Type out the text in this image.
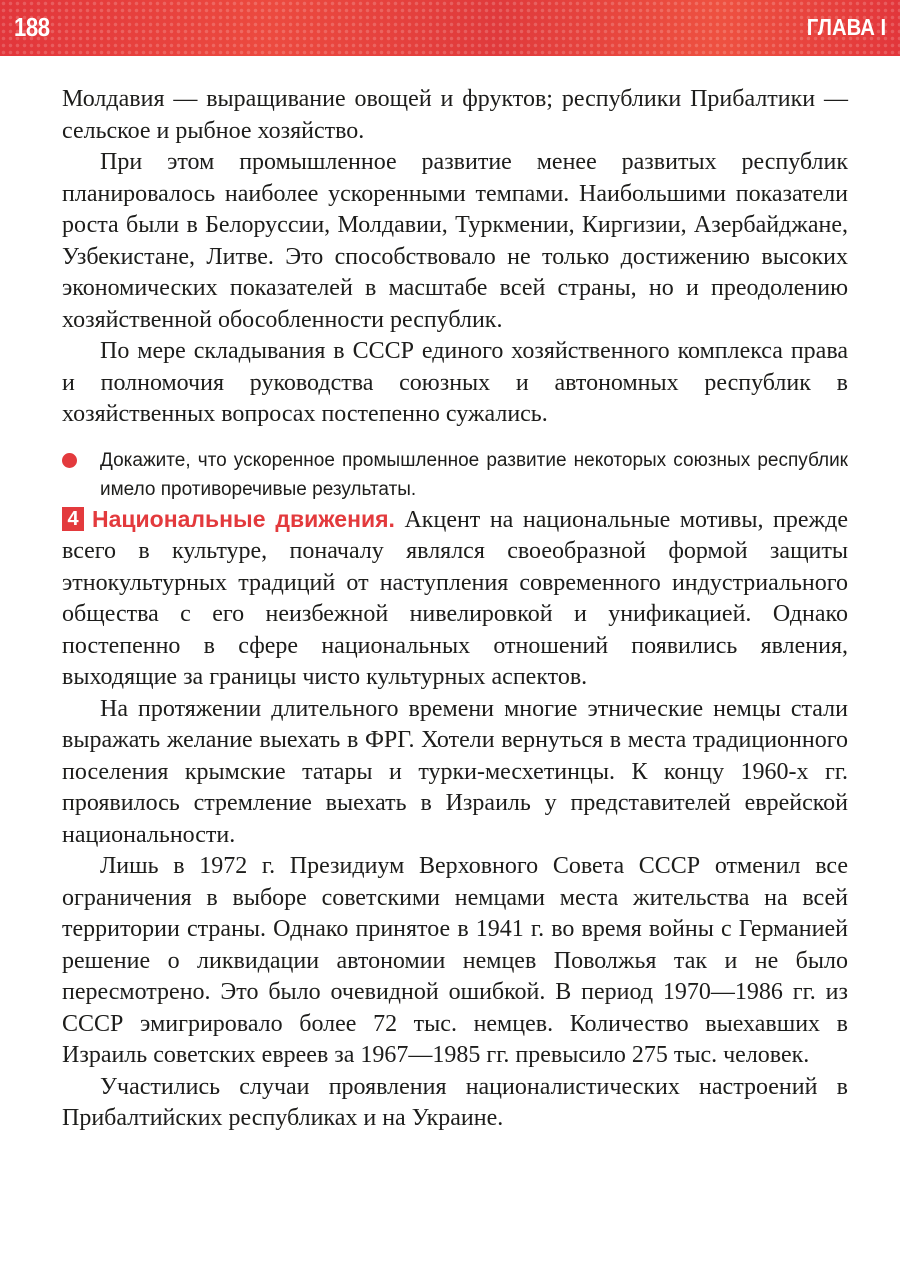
188	ГЛАВА I

Молдавия — выращивание овощей и фруктов; республики Прибалтики — сельское и рыбное хозяйство.

При этом промышленное развитие менее развитых республик планировалось наиболее ускоренными темпами. Наибольшими показатели роста были в Белоруссии, Молдавии, Туркмении, Киргизии, Азербайджане, Узбекистане, Литве. Это способствовало не только достижению высоких экономических показателей в масштабе всей страны, но и преодолению хозяйственной обособленности республик.

По мере складывания в СССР единого хозяйственного комплекса права и полномочия руководства союзных и автономных республик в хозяйственных вопросах постепенно сужались.

Докажите, что ускоренное промышленное развитие некоторых союзных республик имело противоречивые результаты.

4 Национальные движения. Акцент на национальные мотивы, прежде всего в культуре, поначалу являлся своеобразной формой защиты этнокультурных традиций от наступления современного индустриального общества с его неизбежной нивелировкой и унификацией. Однако постепенно в сфере национальных отношений появились явления, выходящие за границы чисто культурных аспектов.

На протяжении длительного времени многие этнические немцы стали выражать желание выехать в ФРГ. Хотели вернуться в места традиционного поселения крымские татары и турки-месхетинцы. К концу 1960-х гг. проявилось стремление выехать в Израиль у представителей еврейской национальности.

Лишь в 1972 г. Президиум Верховного Совета СССР отменил все ограничения в выборе советскими немцами места жительства на всей территории страны. Однако принятое в 1941 г. во время войны с Германией решение о ликвидации автономии немцев Поволжья так и не было пересмотрено. Это было очевидной ошибкой. В период 1970—1986 гг. из СССР эмигрировало более 72 тыс. немцев. Количество выехавших в Израиль советских евреев за 1967—1985 гг. превысило 275 тыс. человек.

Участились случаи проявления националистических настроений в Прибалтийских республиках и на Украине.
